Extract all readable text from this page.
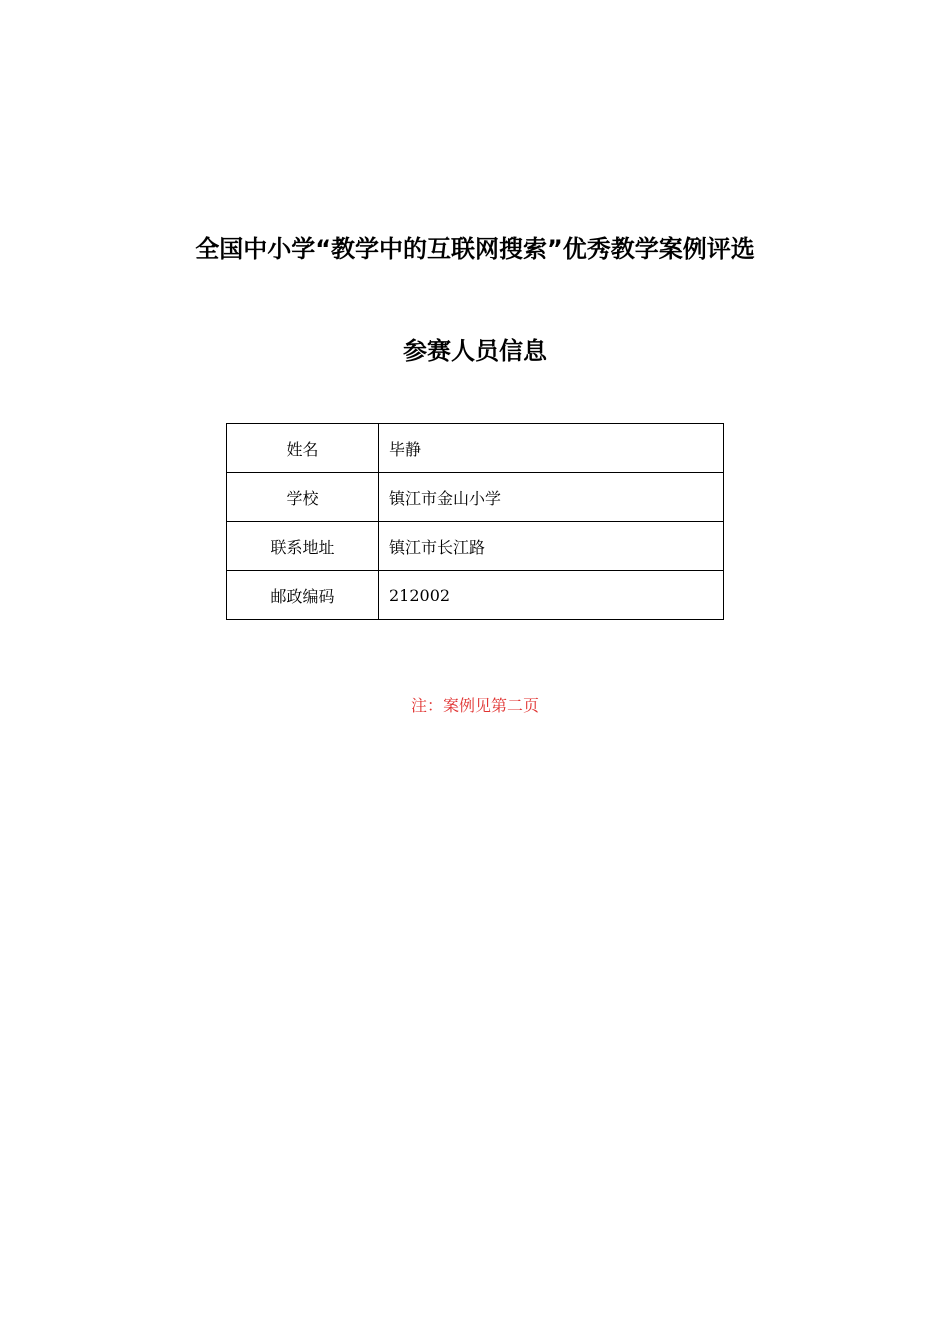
全国中小学“教学中的互联网搜索”优秀教学案例评选
参赛人员信息
姓名	毕静
学校	镇江市金山小学
联系地址	镇江市长江路
邮政编码	212002
注：案例见第二页
